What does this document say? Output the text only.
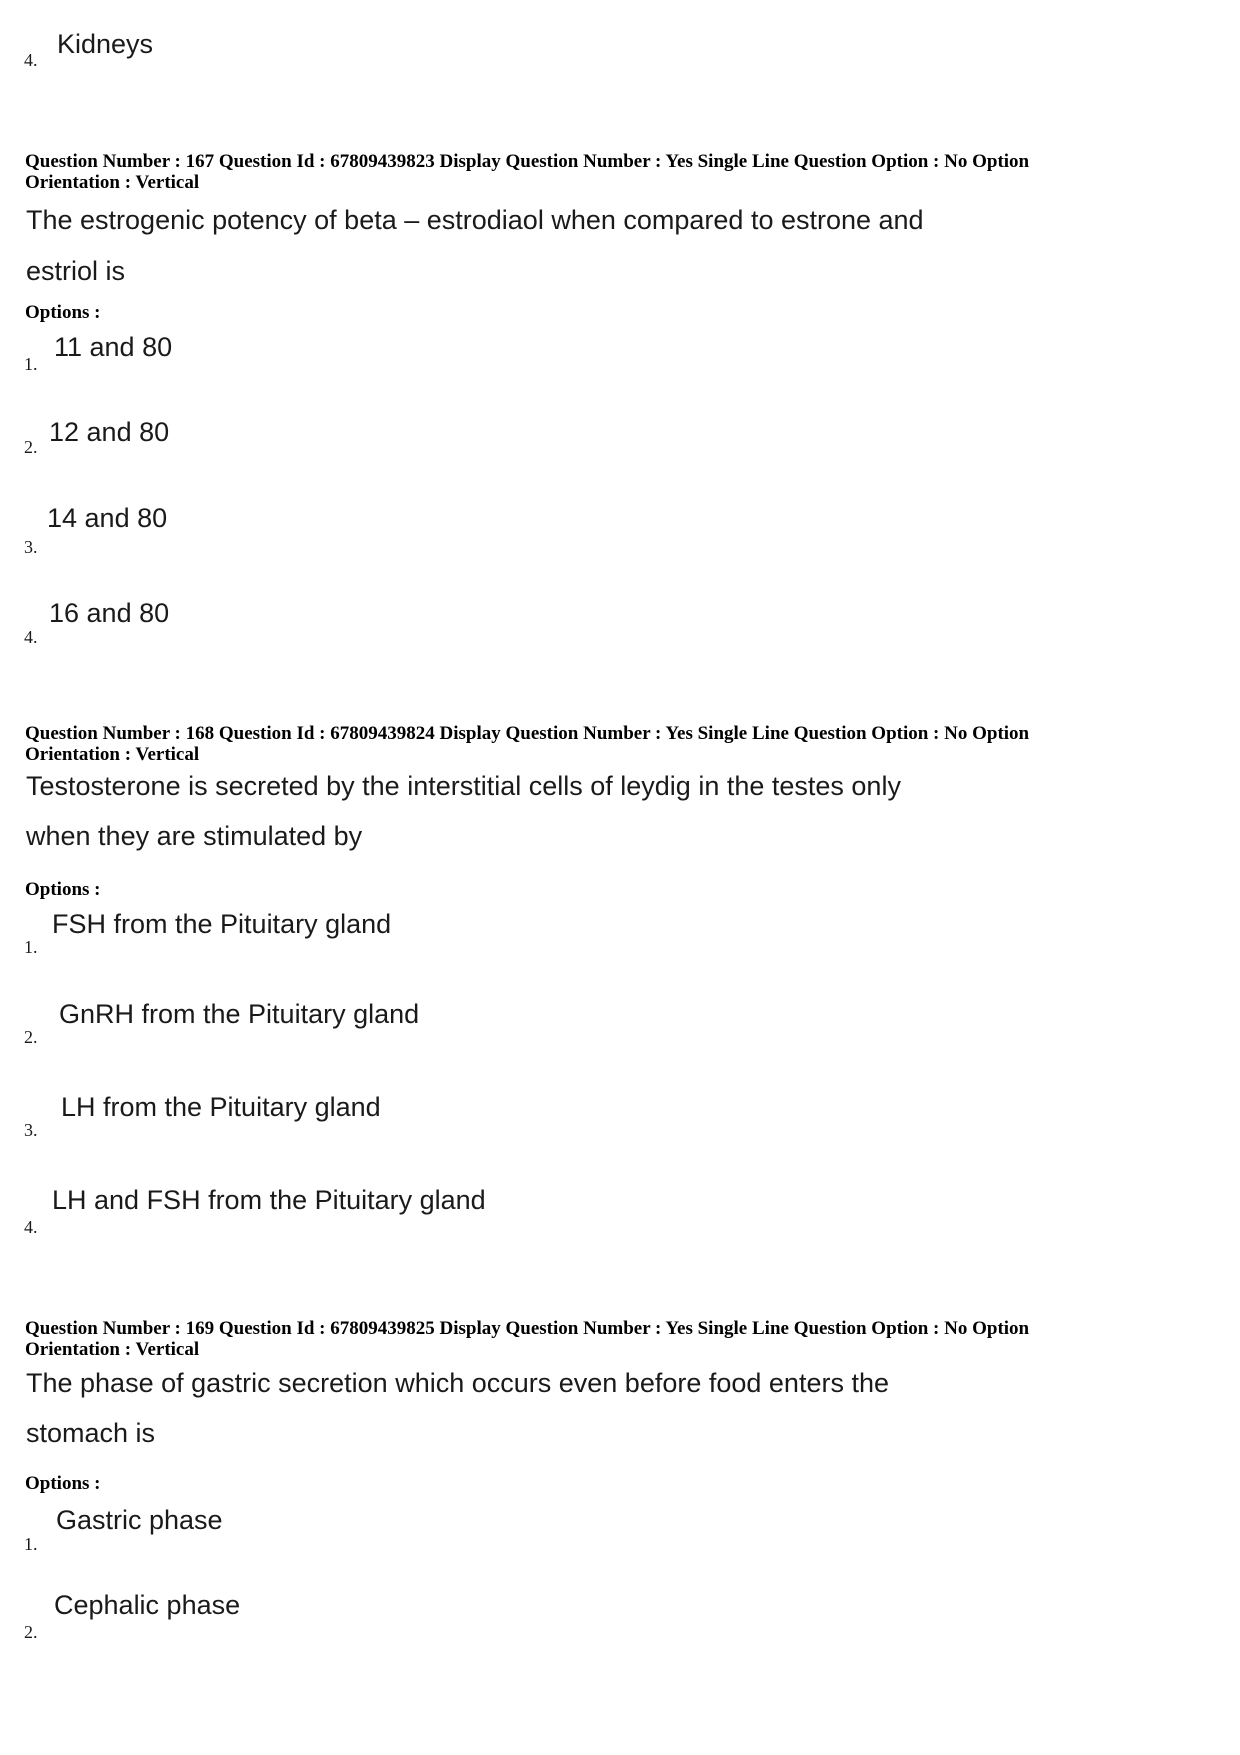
4.
Kidneys
Question Number : 167 Question Id : 67809439823 Display Question Number : Yes Single Line Question Option : No Option
Orientation : Vertical
The estrogenic potency of beta – estrodiaol when compared to estrone and
estriol is
Options :
1.
11 and 80
2. 12 and 80
3.
14 and 80
4.
16 and 80
Question Number : 168 Question Id : 67809439824 Display Question Number : Yes Single Line Question Option : No Option
Orientation : Vertical
Testosterone is secreted by the interstitial cells of leydig in the testes only
when they are stimulated by
Options :
1.
FSH from the Pituitary gland
2.
GnRH from the Pituitary gland
3.
LH from the Pituitary gland
4.
LH and FSH from the Pituitary gland
Question Number : 169 Question Id : 67809439825 Display Question Number : Yes Single Line Question Option : No Option
Orientation : Vertical
The phase of gastric secretion which occurs even before food enters the
stomach is
Options :
1.
Gastric phase
2.
Cephalic phase
